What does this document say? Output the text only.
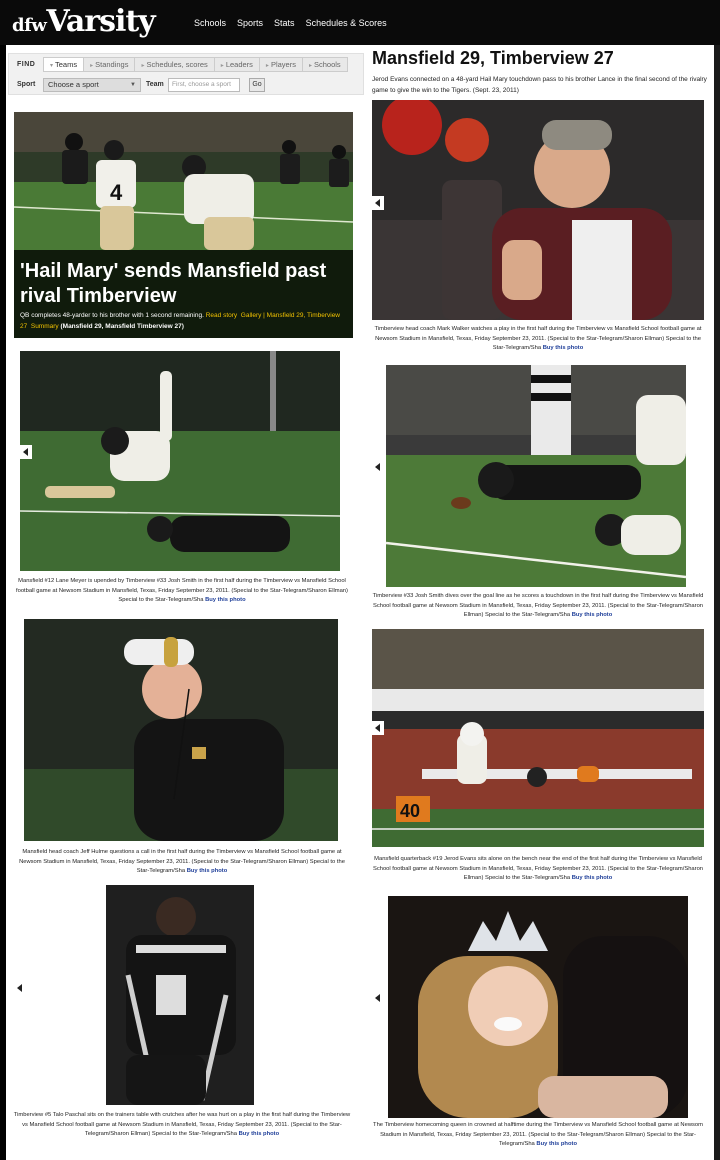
dfwVarsity	Schools Sports Stats Schedules & Scores
FIND	▾ Teams	▸ Standings	▸ Schedules, scores	▸ Leaders	▸ Players	▸ Schools
Sport	Choose a sport	▼ Team	First, choose a sport	Go
Mansfield 29, Timberview 27
Jerod Evans connected on a 48-yard Hail Mary touchdown pass to his brother Lance in the final second of the rivalry game to give the win to the Tigers. (Sept. 23, 2011)
4
'Hail Mary' sends Mansfield past rival Timberview
QB completes 48-yarder to his brother with 1 second remaining. Read story Gallery | Mansfield 29, Timberview 27 Summary (Mansfield 29, Mansfield Timberview 27)	Timberview head coach Mark Walker watches a play in the first half during the Timberview vs Mansfield School football game at Newsom Stadium in Mansfield, Texas, Friday September 23, 2011. (Special to the Star-Telegram/Sharon Ellman) Special to the Star-Telegram/Sha Buy this photo
Mansfield #12 Lane Meyer is upended by Timberview #33 Josh Smith in the first half during the Timberview vs Mansfield School football game at Newsom Stadium in Mansfield, Texas, Friday September 23, 2011. (Special to the Star-Telegram/Sharon Ellman) Special to the Star-Telegram/Sha Buy this photo
Timberview #33 Josh Smith dives over the goal line as he scores a touchdown in the first half during the Timberview vs Mansfield School football game at Newsom Stadium in Mansfield, Texas, Friday September 23, 2011. (Special to the Star-Telegram/Sharon Ellman) Special to the Star-Telegram/Sha Buy this photo
Mansfield head coach Jeff Hulme questions a call in the first half during the Timberview vs Mansfield School football game at Newsom Stadium in Mansfield, Texas, Friday September 23, 2011. (Special to the Star-Telegram/Sharon Ellman) Special to the Star-Telegram/Sha Buy this photo
40
Mansfield quarterback #19 Jerod Evans sits alone on the bench near the end of the first half during the Timberview vs Mansfield School football game at Newsom Stadium in Mansfield, Texas, Friday September 23, 2011. (Special to the Star-Telegram/Sharon Ellman) Special to the Star-Telegram/Sha Buy this photo
Timberview #5 Talo Paschal sits on the trainers table with crutches after he was hurt on a play in the first half during the Timberview vs Mansfield School football game at Newsom Stadium in Mansfield, Texas, Friday September 23, 2011. (Special to the Star-Telegram/Sharon Ellman) Special to the Star-Telegram/Sha Buy this photo
The Timberview homecoming queen in crowned at halftime during the Timberview vs Mansfield School football game at Newsom Stadium in Mansfield, Texas, Friday September 23, 2011. (Special to the Star-Telegram/Sharon Ellman) Special to the Star-Telegram/Sha Buy this photo
